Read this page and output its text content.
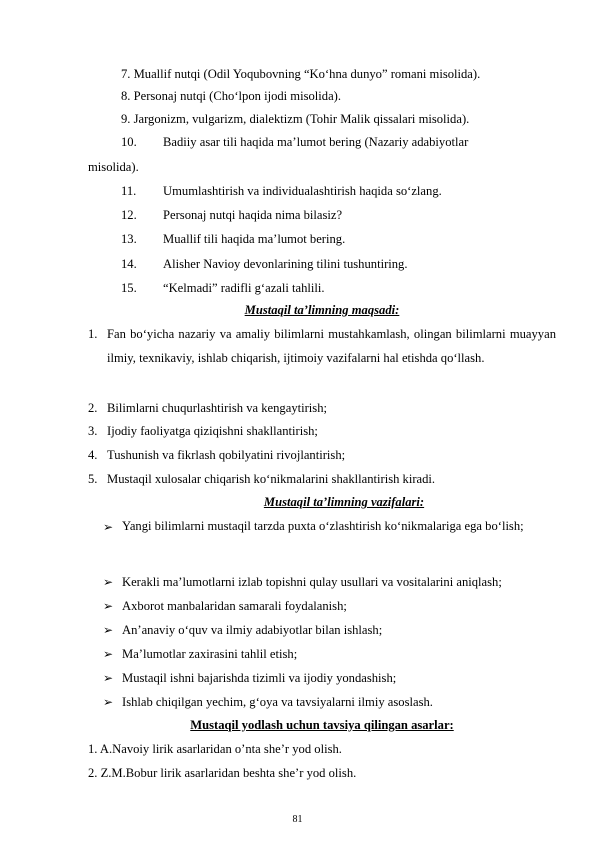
7. Muallif nutqi (Odil Yoqubovning “Ko‘hna dunyo” romani misolida).
8. Personaj nutqi (Cho‘lpon ijodi misolida).
9. Jargonizm, vulgarizm, dialektizm (Tohir Malik qissalari misolida).
10. Badiiy asar tili haqida ma’lumot bering (Nazariy adabiyotlar
misolida).
11. Umumlashtirish va individualashtirish haqida so‘zlang.
12. Personaj nutqi haqida nima bilasiz?
13. Muallif tili haqida ma’lumot bering.
14. Alisher Navioy devonlarining tilini tushuntiring.
15. “Kelmadi” radifli g‘azali tahlili.
Mustaqil ta’limning maqsadi:
1. Fan bo‘yicha nazariy va amaliy bilimlarni mustahkamlash, olingan bilimlarni muayyan ilmiy, texnikaviy, ishlab chiqarish, ijtimoiy vazifalarni hal etishda qo‘llash.
2. Bilimlarni chuqurlashtirish va kengaytirish;
3. Ijodiy faoliyatga qiziqishni shakllantirish;
4. Tushunish va fikrlash qobilyatini rivojlantirish;
5. Mustaqil xulosalar chiqarish ko‘nikmalarini shakllantirish kiradi.
Mustaqil ta’limning vazifalari:
➢ Yangi bilimlarni mustaqil tarzda puxta o‘zlashtirish ko‘nikmalariga ega bo‘lish;
➢ Kerakli ma’lumotlarni izlab topishni qulay usullari va vositalarini aniqlash;
➢ Axborot manbalaridan samarali foydalanish;
➢ An’anaviy o‘quv va ilmiy adabiyotlar bilan ishlash;
➢ Ma’lumotlar zaxirasini tahlil etish;
➢ Mustaqil ishni bajarishda tizimli va ijodiy yondashish;
➢ Ishlab chiqilgan yechim, g‘oya va tavsiyalarni ilmiy asoslash.
Mustaqil yodlash uchun tavsiya qilingan asarlar:
1. A.Navoiy lirik asarlaridan o’nta she’r yod olish.
2. Z.M.Bobur lirik asarlaridan beshta she’r yod olish.
81
